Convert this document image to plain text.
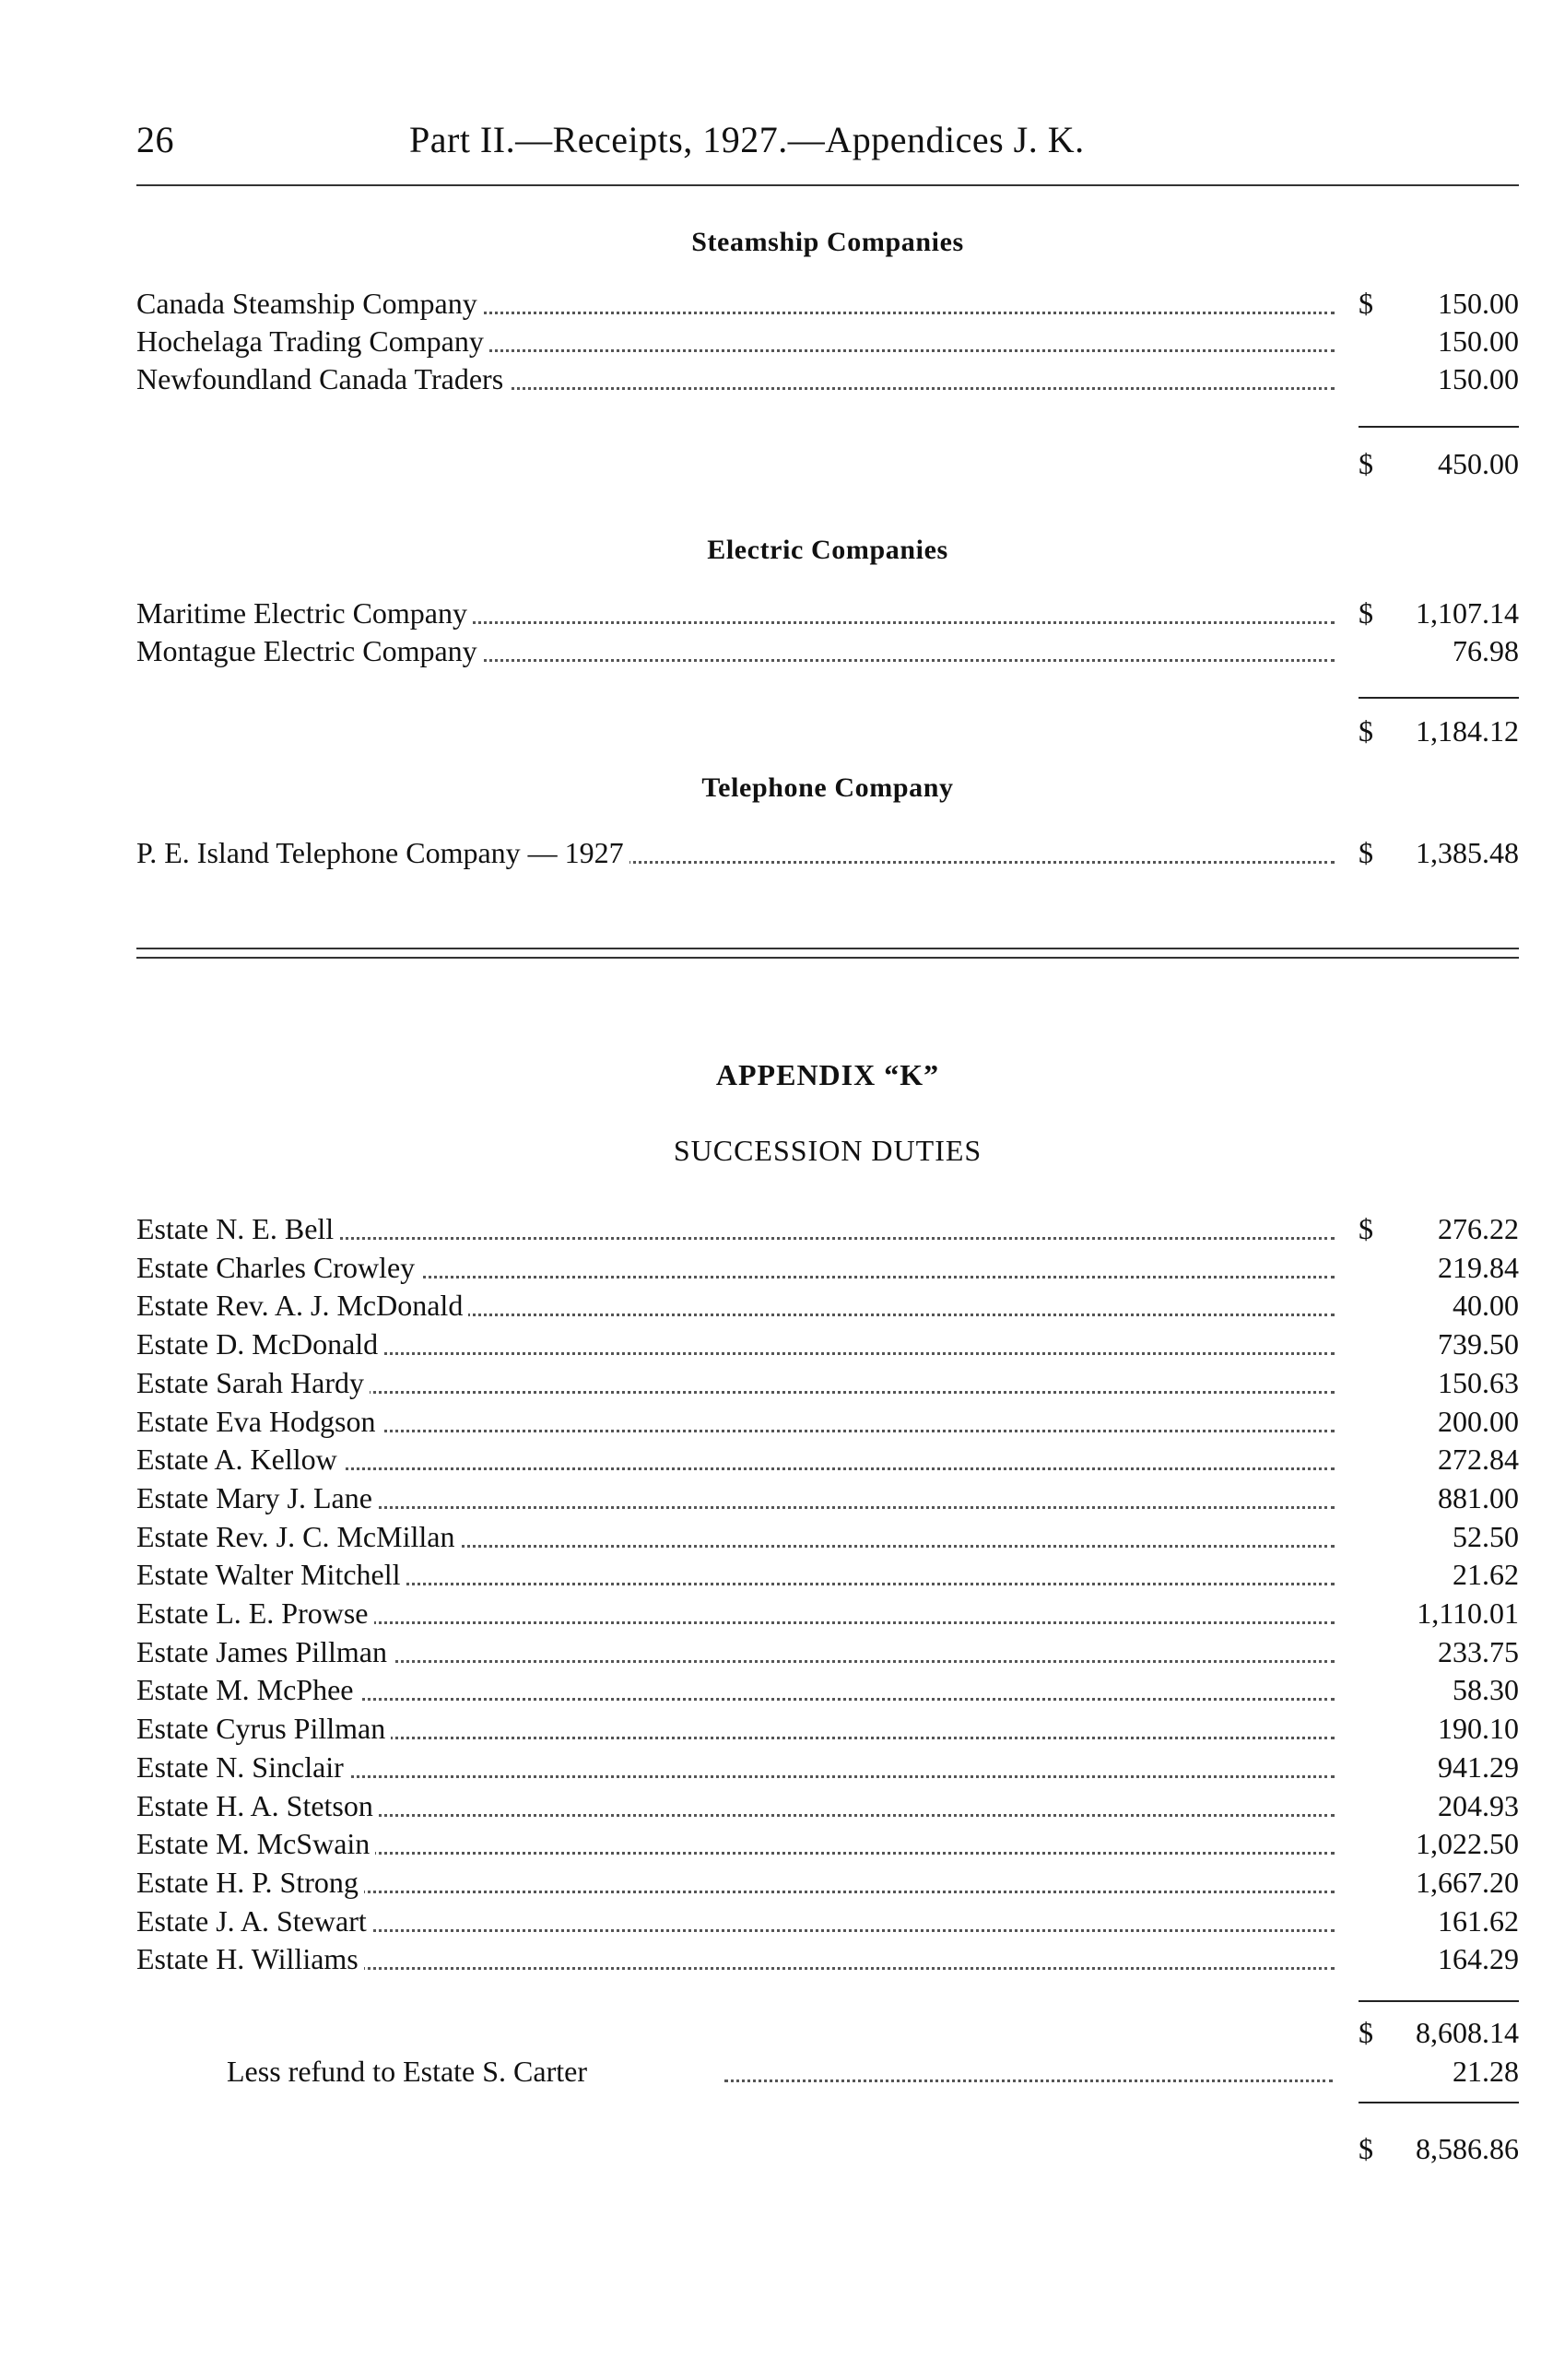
26	Part II.—Receipts, 1927.—Appendices J. K.
Steamship Companies
Canada Steamship Company	$	150.00
Hochelaga Trading Company	150.00
Newfoundland Canada Traders	150.00
$	450.00
Electric Companies
Maritime Electric Company	$	1,107.14
Montague Electric Company	76.98
$	1,184.12
Telephone Company
P. E. Island Telephone Company — 1927	$	1,385.48
APPENDIX “K”
SUCCESSION DUTIES
Estate N. E. Bell	$	276.22
Estate Charles Crowley	219.84
Estate Rev. A. J. McDonald	40.00
Estate D. McDonald	739.50
Estate Sarah Hardy	150.63
Estate Eva Hodgson	200.00
Estate A. Kellow	272.84
Estate Mary J. Lane	881.00
Estate Rev. J. C. McMillan	52.50
Estate Walter Mitchell	21.62
Estate L. E. Prowse	1,110.01
Estate James Pillman	233.75
Estate M. McPhee	58.30
Estate Cyrus Pillman	190.10
Estate N. Sinclair	941.29
Estate H. A. Stetson	204.93
Estate M. McSwain	1,022.50
Estate H. P. Strong	1,667.20
Estate J. A. Stewart	161.62
Estate H. Williams	164.29
$	8,608.14
Less refund to Estate S. Carter	21.28
$	8,586.86
